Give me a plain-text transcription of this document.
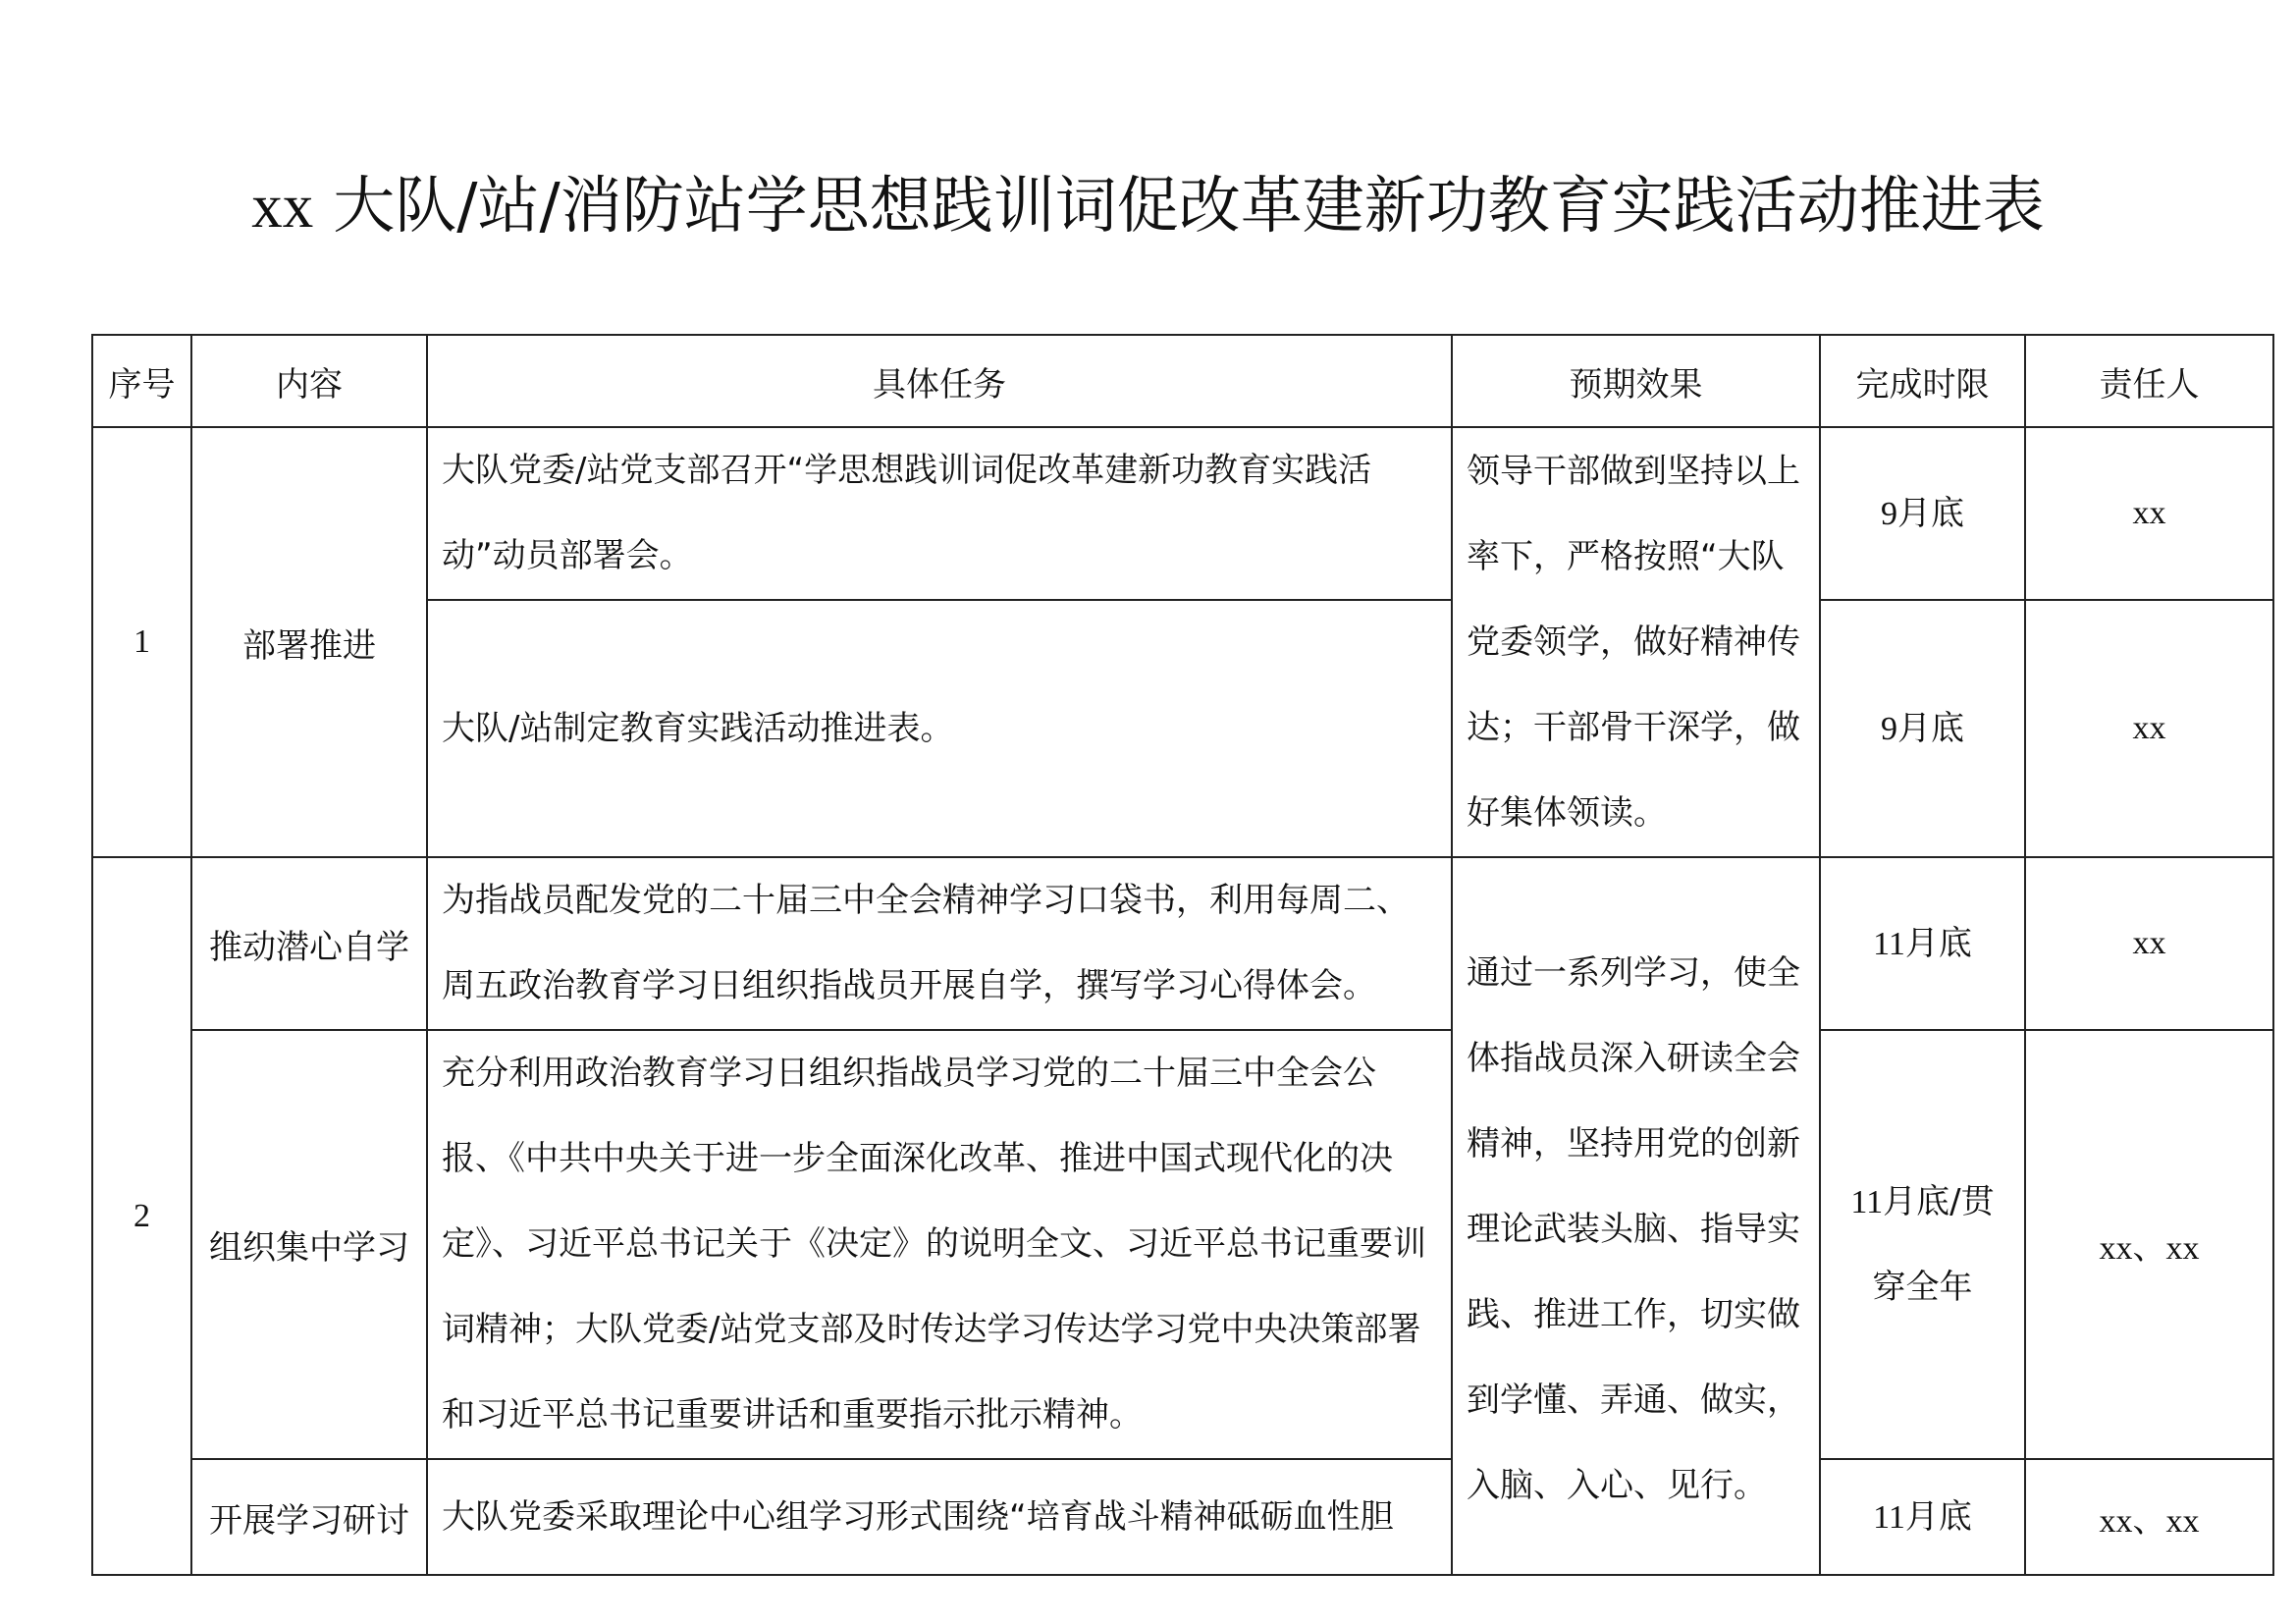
xx 大队/站/消防站学思想践训词促改革建新功教育实践活动推进表
序号	内容	具体任务	预期效果	完成时限	责任人
1	部署推进	大队党委/站党支部召开“学思想践训词促改革建新功教育实践活动”动员部署会。	领导干部做到坚持以上率下，严格按照“大队党委领学，做好精神传达；干部骨干深学，做好集体领读。	9月底	xx
		大队/站制定教育实践活动推进表。		9月底	xx
2	推动潜心自学	为指战员配发党的二十届三中全会精神学习口袋书，利用每周二、周五政治教育学习日组织指战员开展自学，撰写学习心得体会。	通过一系列学习，使全体指战员深入研读全会精神，坚持用党的创新理论武装头脑、指导实践、推进工作，切实做到学懂、弄通、做实，入脑、入心、见行。	11月底	xx
	组织集中学习	充分利用政治教育学习日组织指战员学习党的二十届三中全会公报、《中共中央关于进一步全面深化改革、推进中国式现代化的决定》、习近平总书记关于《决定》的说明全文、习近平总书记重要训词精神；大队党委/站党支部及时传达学习传达学习党中央决策部署和习近平总书记重要讲话和重要指示批示精神。		11月底/贯穿全年	xx、xx
	开展学习研讨	大队党委采取理论中心组学习形式围绕“培育战斗精神砥砺血性胆		11月底	xx、xx
